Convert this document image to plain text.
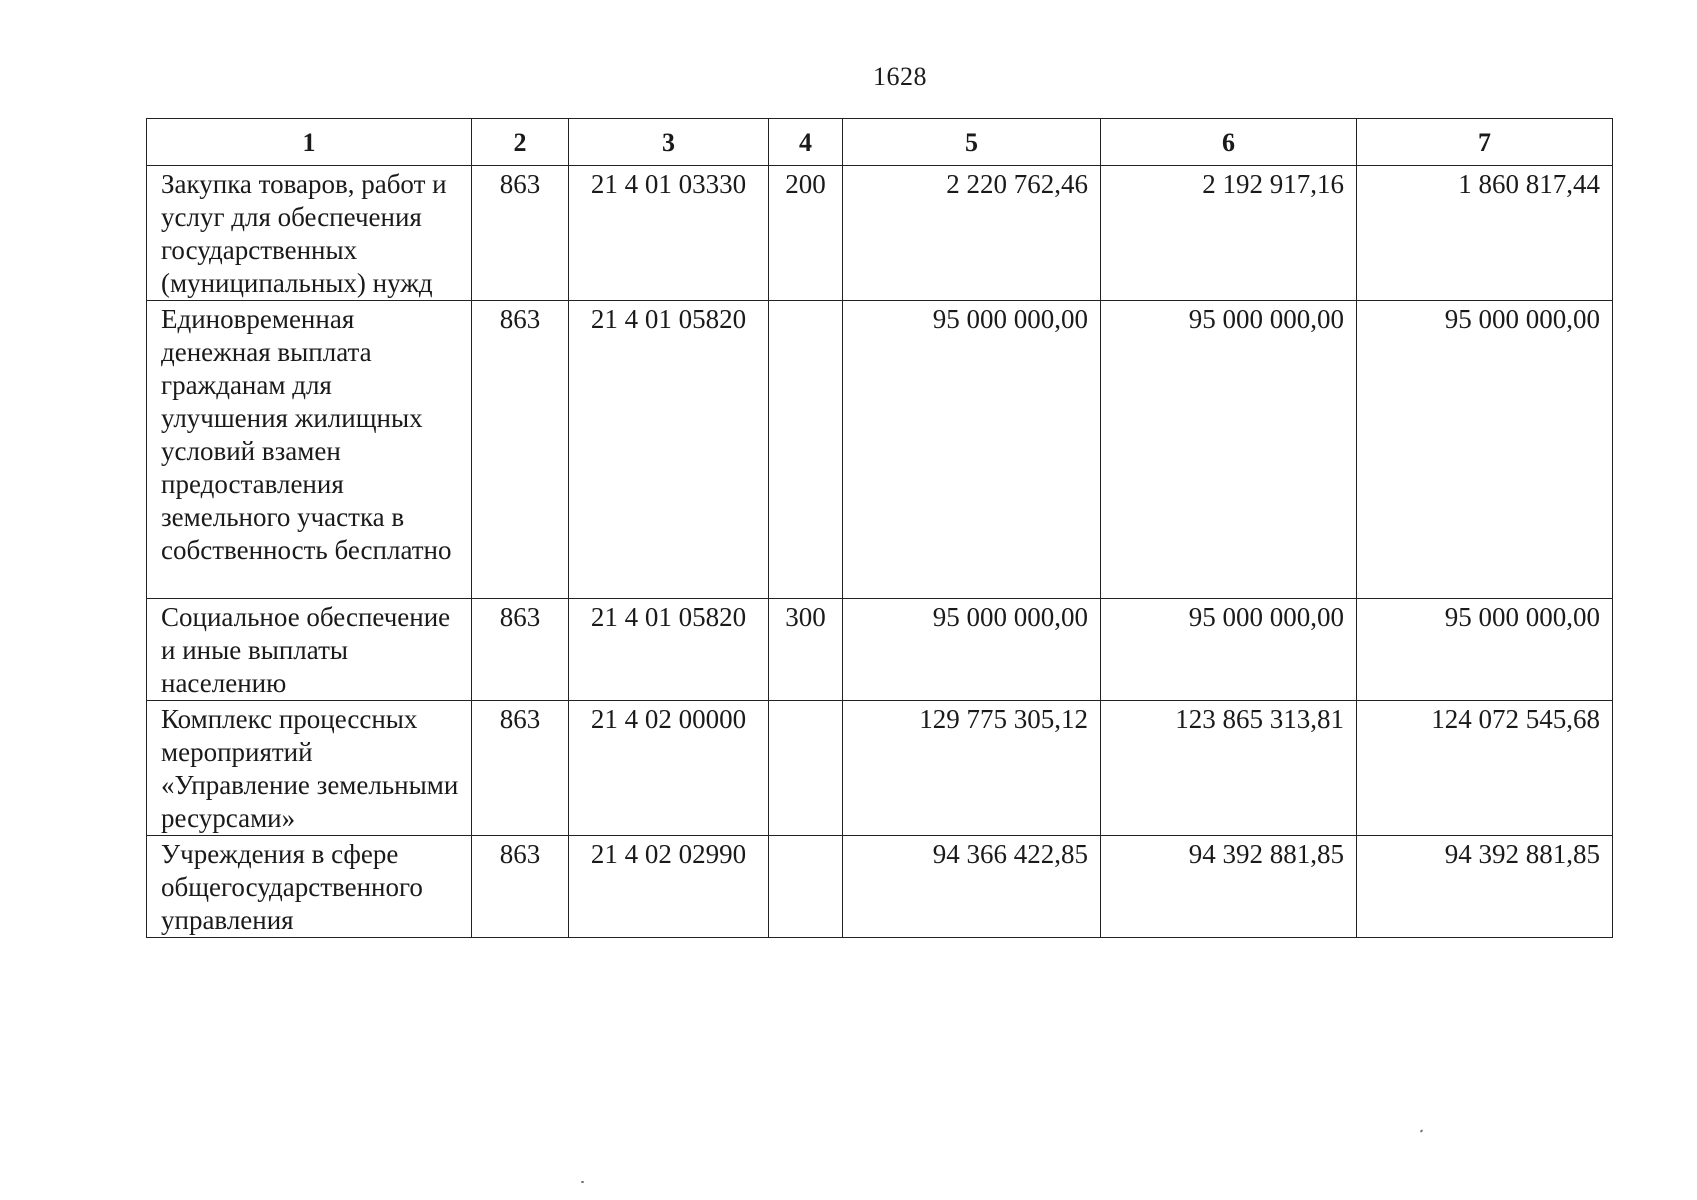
1628
1	2	3	4	5	6	7
Закупка товаров, работ и услуг для обеспечения государственных (муниципальных) нужд	863	21 4 01 03330	200	2 220 762,46	2 192 917,16	1 860 817,44
Единовременная денежная выплата гражданам для улучшения жилищных условий взамен предоставления земельного участка в собственность бесплатно	863	21 4 01 05820		95 000 000,00	95 000 000,00	95 000 000,00
Социальное обеспечение и иные выплаты населению	863	21 4 01 05820	300	95 000 000,00	95 000 000,00	95 000 000,00
Комплекс процессных мероприятий «Управление земельными ресурсами»	863	21 4 02 00000		129 775 305,12	123 865 313,81	124 072 545,68
Учреждения в сфере общегосударственного управления	863	21 4 02 02990		94 366 422,85	94 392 881,85	94 392 881,85
